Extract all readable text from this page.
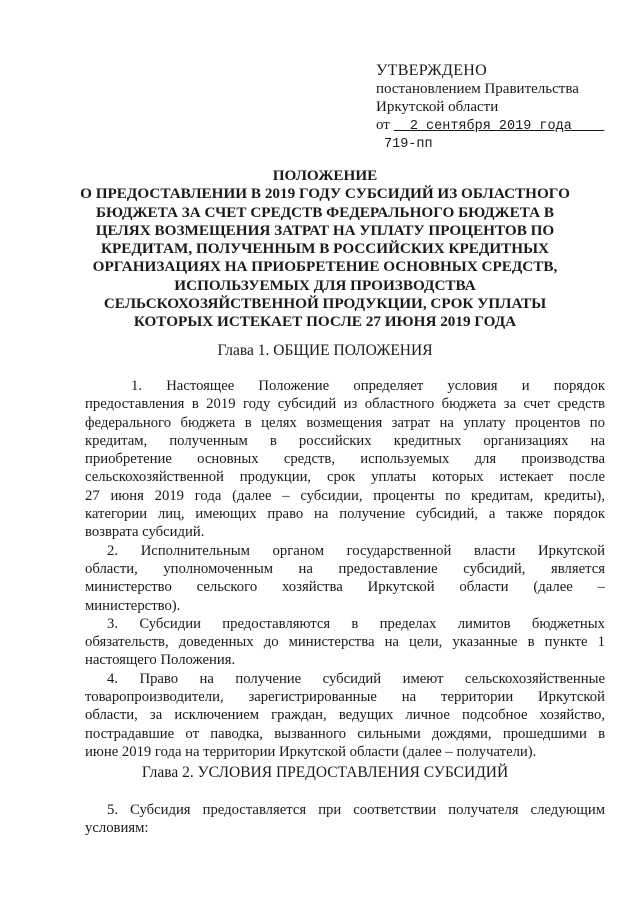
УТВЕРЖДЕНО
постановлением Правительства
Иркутской области
от 2 сентября 2019 года
719-пп
ПОЛОЖЕНИЕ
О ПРЕДОСТАВЛЕНИИ В 2019 ГОДУ СУБСИДИЙ ИЗ ОБЛАСТНОГО
БЮДЖЕТА ЗА СЧЕТ СРЕДСТВ ФЕДЕРАЛЬНОГО БЮДЖЕТА В
ЦЕЛЯХ ВОЗМЕЩЕНИЯ ЗАТРАТ НА УПЛАТУ ПРОЦЕНТОВ ПО
КРЕДИТАМ, ПОЛУЧЕННЫМ В РОССИЙСКИХ КРЕДИТНЫХ
ОРГАНИЗАЦИЯХ НА ПРИОБРЕТЕНИЕ ОСНОВНЫХ СРЕДСТВ,
ИСПОЛЬЗУЕМЫХ ДЛЯ ПРОИЗВОДСТВА
СЕЛЬСКОХОЗЯЙСТВЕННОЙ ПРОДУКЦИИ, СРОК УПЛАТЫ
КОТОРЫХ ИСТЕКАЕТ ПОСЛЕ 27 ИЮНЯ 2019 ГОДА
Глава 1. ОБЩИЕ ПОЛОЖЕНИЯ

1. Настоящее Положение определяет условия и порядок
предоставления в 2019 году субсидий из областного бюджета за счет средств
федерального бюджета в целях возмещения затрат на уплату процентов по
кредитам, полученным в российских кредитных организациях на
приобретение основных средств, используемых для производства
сельскохозяйственной продукции, срок уплаты которых истекает после
27 июня 2019 года (далее – субсидии, проценты по кредитам, кредиты),
категории лиц, имеющих право на получение субсидий, а также порядок
возврата субсидий.

2. Исполнительным органом государственной власти Иркутской
области, уполномоченным на предоставление субсидий, является
министерство сельского хозяйства Иркутской области (далее –
министерство).

3. Субсидии предоставляются в пределах лимитов бюджетных
обязательств, доведенных до министерства на цели, указанные в пункте 1
настоящего Положения.

4. Право на получение субсидий имеют сельскохозяйственные
товаропроизводители, зарегистрированные на территории Иркутской
области, за исключением граждан, ведущих личное подсобное хозяйство,
пострадавшие от паводка, вызванного сильными дождями, прошедшими в
июне 2019 года на территории Иркутской области (далее – получатели).

Глава 2. УСЛОВИЯ ПРЕДОСТАВЛЕНИЯ СУБСИДИЙ

5. Субсидия предоставляется при соответствии получателя следующим
условиям:
